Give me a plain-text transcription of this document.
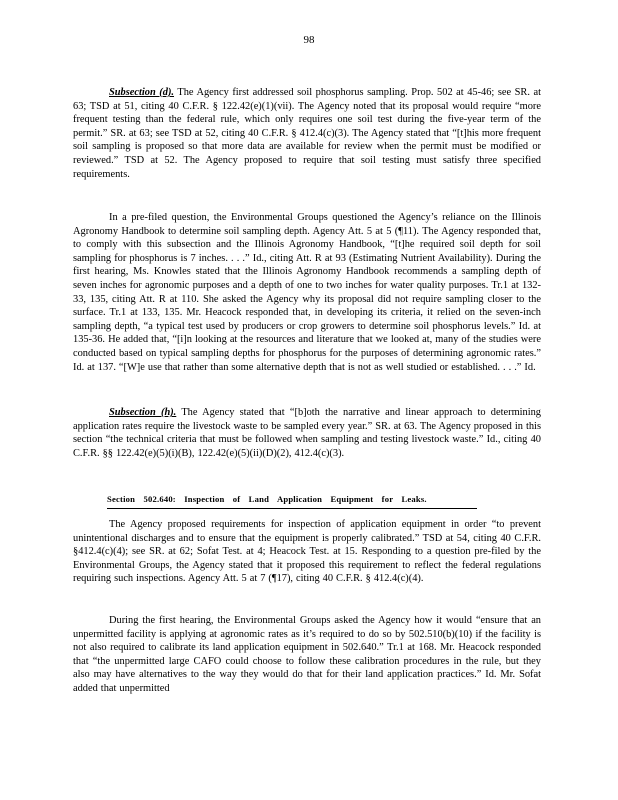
98

Subsection (d). The Agency first addressed soil phosphorus sampling. Prop. 502 at 45-46; see SR. at 63; TSD at 51, citing 40 C.F.R. § 122.42(e)(1)(vii). The Agency noted that its proposal would require “more frequent testing than the federal rule, which only requires one soil test during the five-year term of the permit.” SR. at 63; see TSD at 52, citing 40 C.F.R. § 412.4(c)(3). The Agency stated that “[t]his more frequent soil sampling is proposed so that more data are available for review when the permit must be modified or reviewed.” TSD at 52. The Agency proposed to require that soil testing must satisfy three specified requirements.

In a pre-filed question, the Environmental Groups questioned the Agency’s reliance on the Illinois Agronomy Handbook to determine soil sampling depth. Agency Att. 5 at 5 (¶11). The Agency responded that, to comply with this subsection and the Illinois Agronomy Handbook, “[t]he required soil depth for soil sampling for phosphorus is 7 inches. . . .” Id., citing Att. R at 93 (Estimating Nutrient Availability). During the first hearing, Ms. Knowles stated that the Illinois Agronomy Handbook recommends a sampling depth of seven inches for agronomic purposes and a depth of one to two inches for water quality purposes. Tr.1 at 132-33, 135, citing Att. R at 110. She asked the Agency why its proposal did not require sampling closer to the surface. Tr.1 at 133, 135. Mr. Heacock responded that, in developing its criteria, it relied on the seven-inch sampling depth, “a typical test used by producers or crop growers to determine soil phosphorus levels.” Id. at 135-36. He added that, “[i]n looking at the resources and literature that we looked at, many of the studies were conducted based on typical sampling depths for phosphorus for the purposes of determining agronomic rates.” Id. at 137. “[W]e use that rather than some alternative depth that is not as well studied or established. . . .” Id.

Subsection (h). The Agency stated that “[b]oth the narrative and linear approach to determining application rates require the livestock waste to be sampled every year.” SR. at 63. The Agency proposed in this section “the technical criteria that must be followed when sampling and testing livestock waste.” Id., citing 40 C.F.R. §§ 122.42(e)(5)(i)(B), 122.42(e)(5)(ii)(D)(2), 412.4(c)(3).

Section 502.640: Inspection of Land Application Equipment for Leaks.

The Agency proposed requirements for inspection of application equipment in order “to prevent unintentional discharges and to ensure that the equipment is properly calibrated.” TSD at 54, citing 40 C.F.R. §412.4(c)(4); see SR. at 62; Sofat Test. at 4; Heacock Test. at 15. Responding to a question pre-filed by the Environmental Groups, the Agency stated that it proposed this requirement to reflect the federal regulations requiring such inspections. Agency Att. 5 at 7 (¶17), citing 40 C.F.R. § 412.4(c)(4).

During the first hearing, the Environmental Groups asked the Agency how it would “ensure that an unpermitted facility is applying at agronomic rates as it’s required to do so by 502.510(b)(10) if the facility is not also required to calibrate its land application equipment in 502.640.” Tr.1 at 168. Mr. Heacock responded that “the unpermitted large CAFO could choose to follow these calibration procedures in the rule, but they also may have alternatives to the way they would do that for their land application practices.” Id. Mr. Sofat added that unpermitted
